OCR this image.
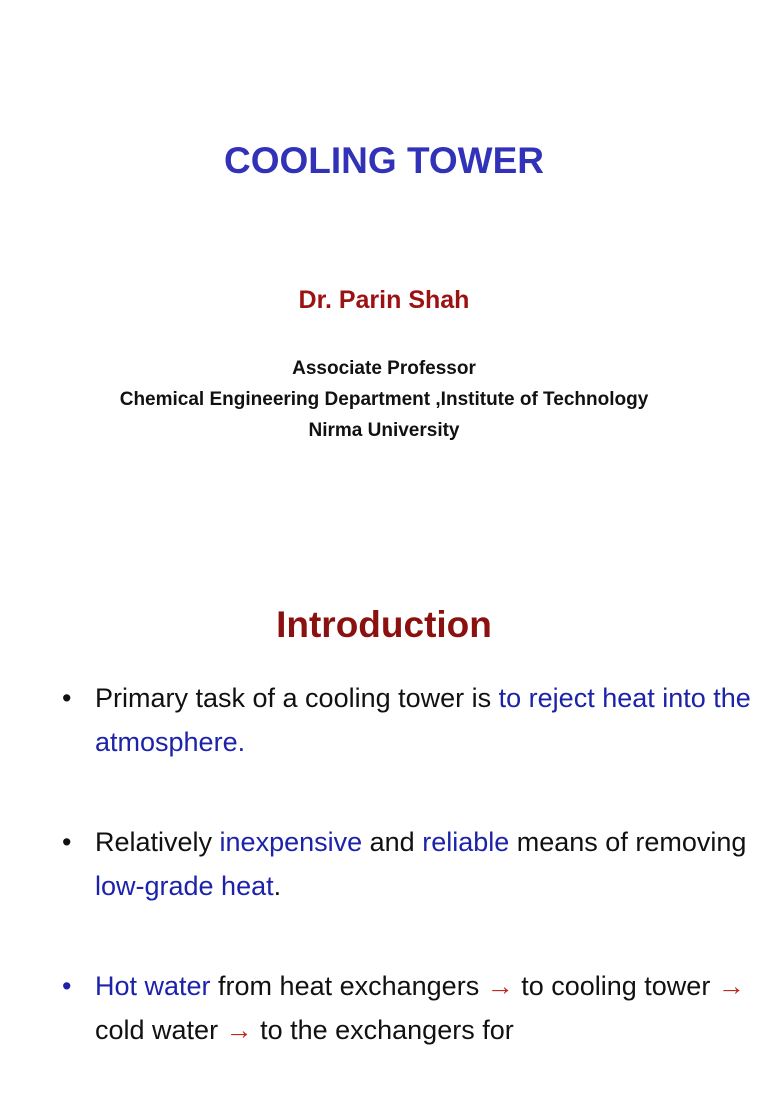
COOLING TOWER
Dr. Parin Shah
Associate Professor
Chemical Engineering Department ,Institute of Technology
Nirma University
Introduction
• Primary task of a cooling tower is to reject heat into the atmosphere.
• Relatively inexpensive and reliable means of removing low-grade heat.
• Hot water from heat exchangers → to cooling tower → cold water → to the exchangers for
